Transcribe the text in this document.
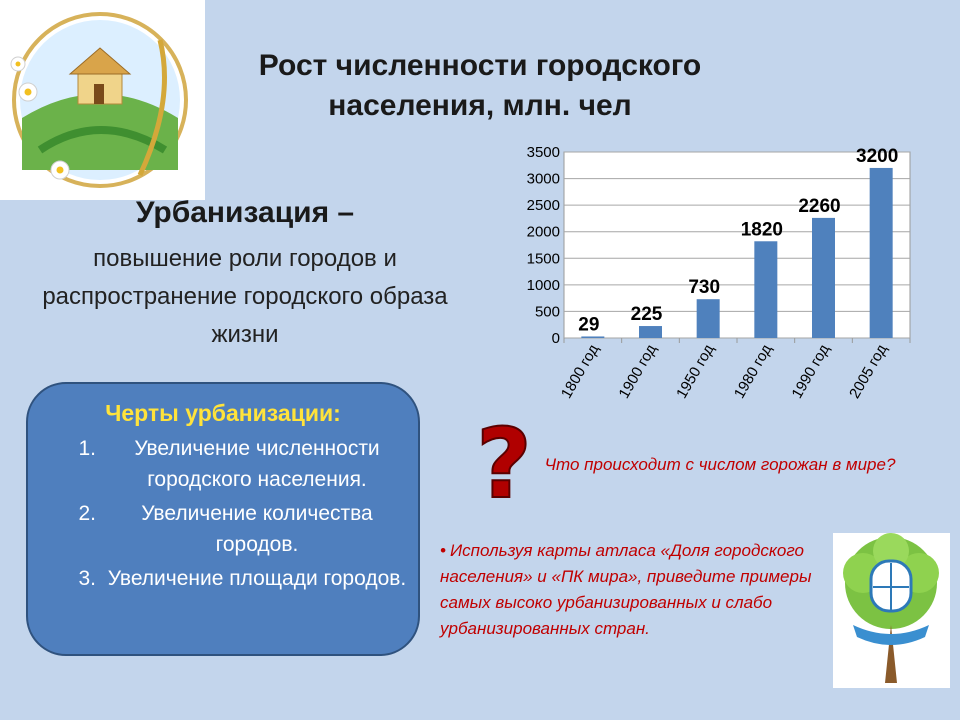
Рост численности городского населения, млн. чел
Урбанизация –
повышение роли городов и распространение городского образа жизни
Черты урбанизации:
1.	Увеличение численности городского населения.
2.	Увеличение количества городов.
3. Увеличение площади городов.
0
500
1000
1500
2000
2500
3000
3500
29
1800 год
225
1900 год
730
1950 год
1820
1980 год
2260
1990 год
3200
2005 год
? Что происходит с числом горожан в мире?
• Используя карты атласа «Доля городского населения» и «ПК мира», приведите примеры самых высоко урбанизированных и слабо урбанизированных стран.
